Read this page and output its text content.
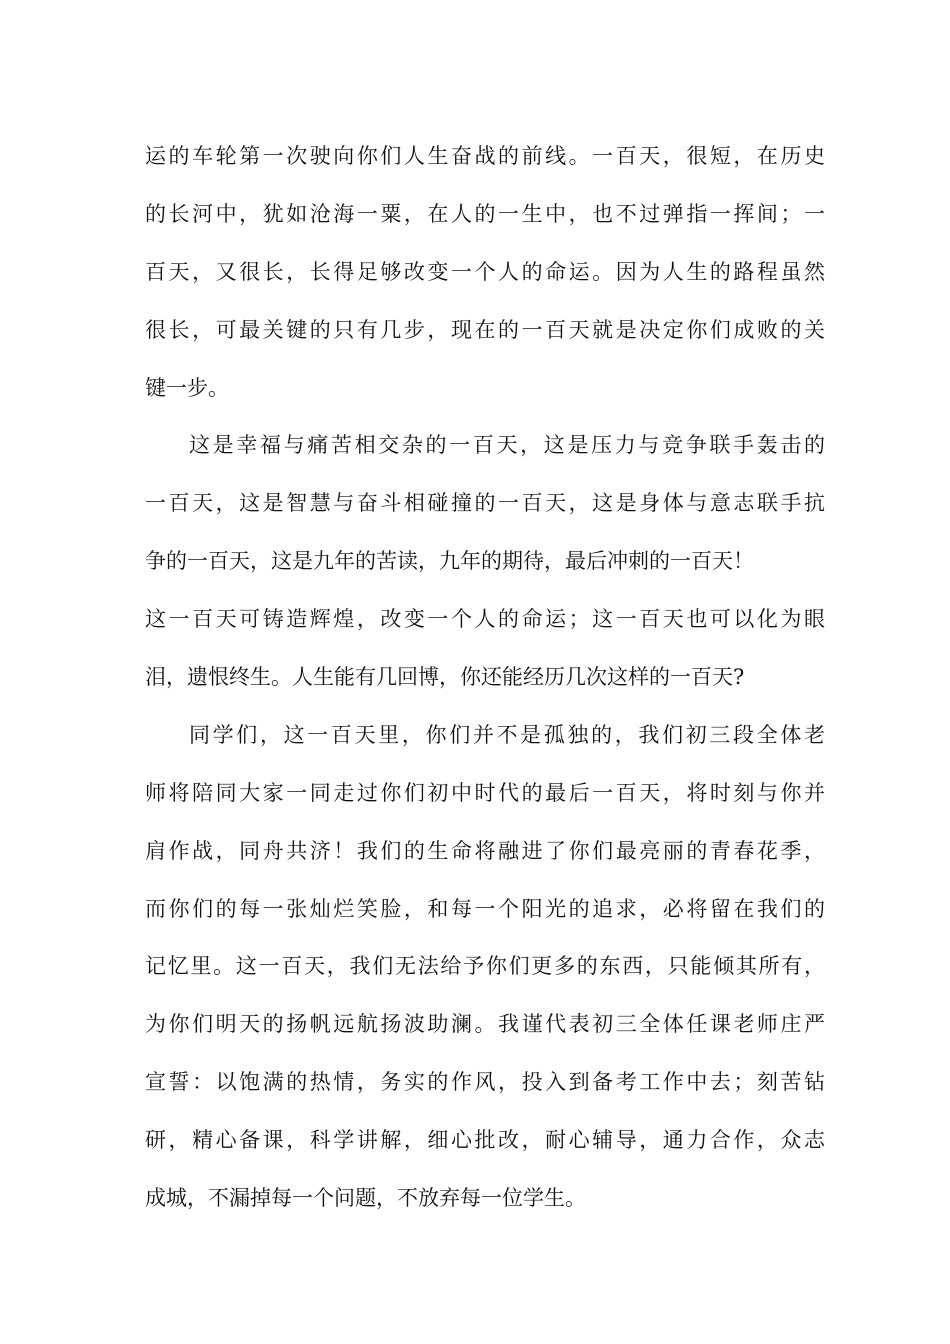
运的车轮第一次驶向你们人生奋战的前线。一百天，很短，在历史
的长河中，犹如沧海一粟，在人的一生中，也不过弹指一挥间；一
百天，又很长，长得足够改变一个人的命运。因为人生的路程虽然
很长，可最关键的只有几步，现在的一百天就是决定你们成败的关
键一步。
这是幸福与痛苦相交杂的一百天，这是压力与竞争联手轰击的
一百天，这是智慧与奋斗相碰撞的一百天，这是身体与意志联手抗
争的一百天，这是九年的苦读，九年的期待，最后冲刺的一百天！
这一百天可铸造辉煌，改变一个人的命运；这一百天也可以化为眼
泪，遗恨终生。人生能有几回博，你还能经历几次这样的一百天?
同学们，这一百天里，你们并不是孤独的，我们初三段全体老
师将陪同大家一同走过你们初中时代的最后一百天，将时刻与你并
肩作战，同舟共济！我们的生命将融进了你们最亮丽的青春花季，
而你们的每一张灿烂笑脸，和每一个阳光的追求，必将留在我们的
记忆里。这一百天，我们无法给予你们更多的东西，只能倾其所有，
为你们明天的扬帆远航扬波助澜。我谨代表初三全体任课老师庄严
宣誓：以饱满的热情，务实的作风，投入到备考工作中去；刻苦钻
研，精心备课，科学讲解，细心批改，耐心辅导，通力合作，众志
成城，不漏掉每一个问题，不放弃每一位学生。
